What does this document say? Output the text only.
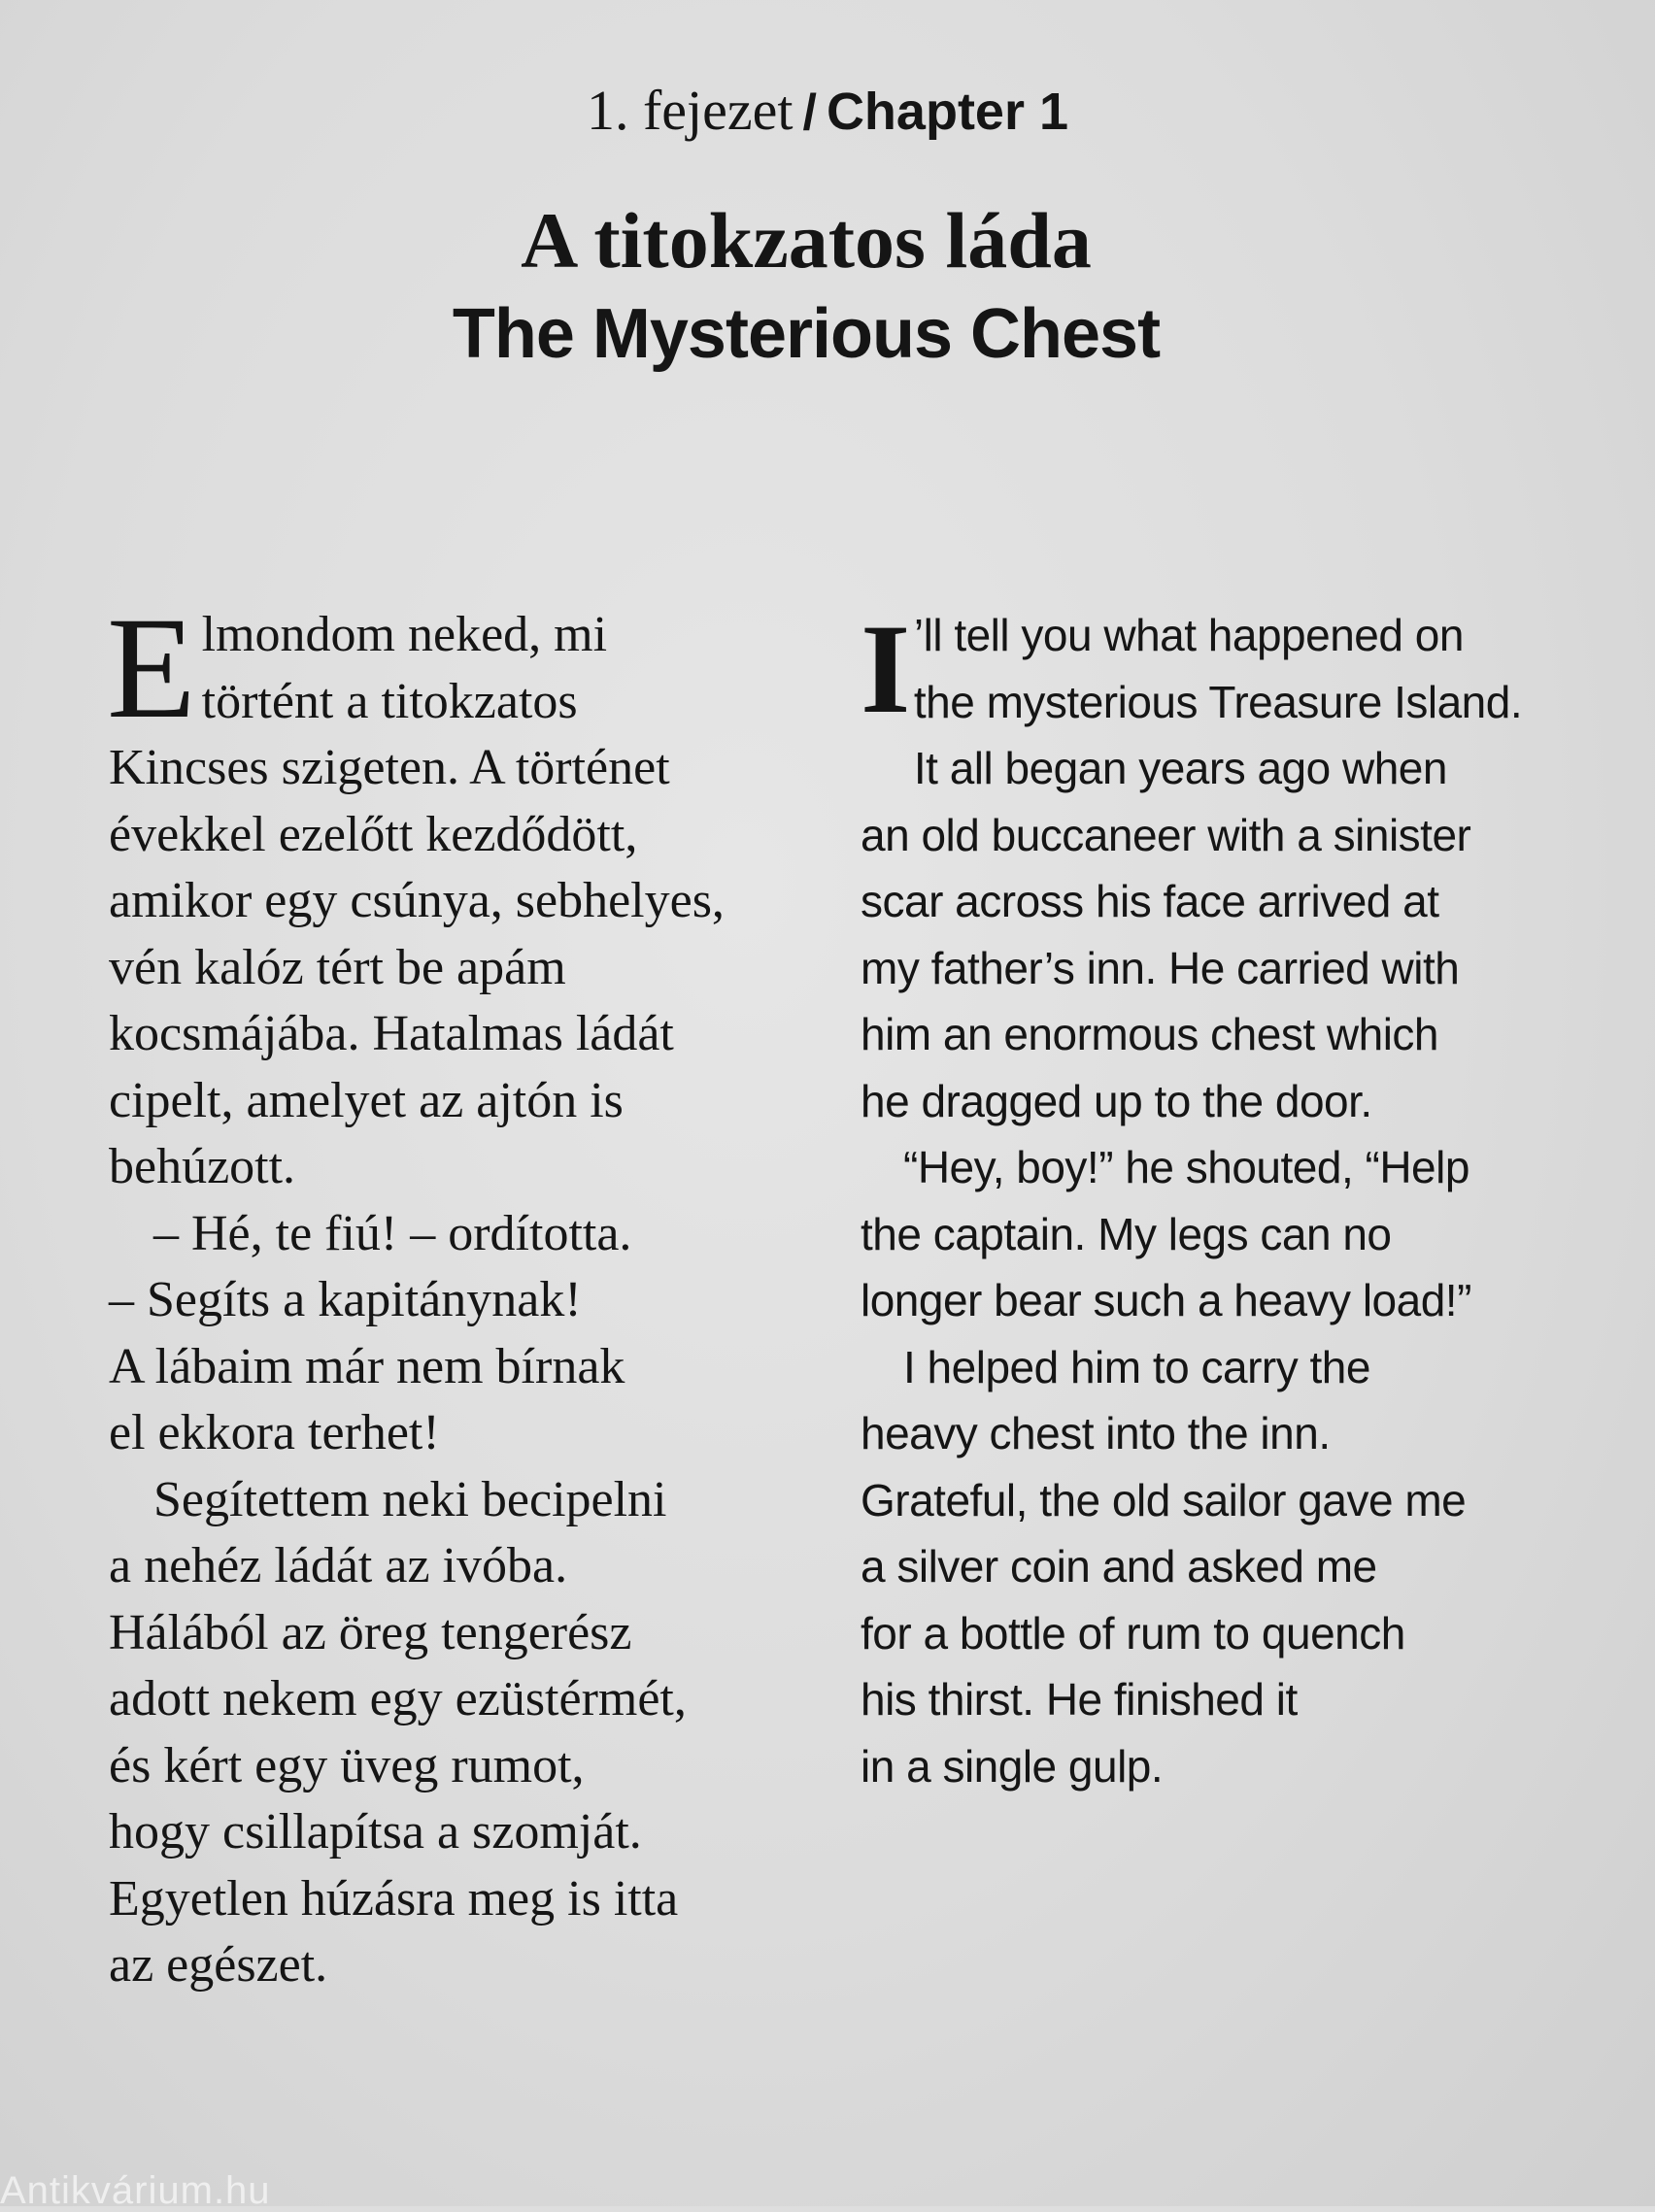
1. fejezet / Chapter 1
A titokzatos láda
The Mysterious Chest
E lmondom neked, mi
történt a titokzatos
Kincses szigeten. A történet
évekkel ezelőtt kezdődött,
amikor egy csúnya, sebhelyes,
vén kalóz tért be apám
kocsmájába. Hatalmas ládát
cipelt, amelyet az ajtón is
behúzott.
– Hé, te fiú! – ordította.
– Segíts a kapitánynak!
A lábaim már nem bírnak
el ekkora terhet!
Segítettem neki becipelni
a nehéz ládát az ivóba.
Hálából az öreg tengerész
adott nekem egy ezüstérmét,
és kért egy üveg rumot,
hogy csillapítsa a szomját.
Egyetlen húzásra meg is itta
az egészet.
I ’ll tell you what happened on
the mysterious Treasure Island.
It all began years ago when
an old buccaneer with a sinister
scar across his face arrived at
my father’s inn. He carried with
him an enormous chest which
he dragged up to the door.
“Hey, boy!” he shouted, “Help
the captain. My legs can no
longer bear such a heavy load!”
I helped him to carry the
heavy chest into the inn.
Grateful, the old sailor gave me
a silver coin and asked me
for a bottle of rum to quench
his thirst. He finished it
in a single gulp.
Antikvárium.hu
